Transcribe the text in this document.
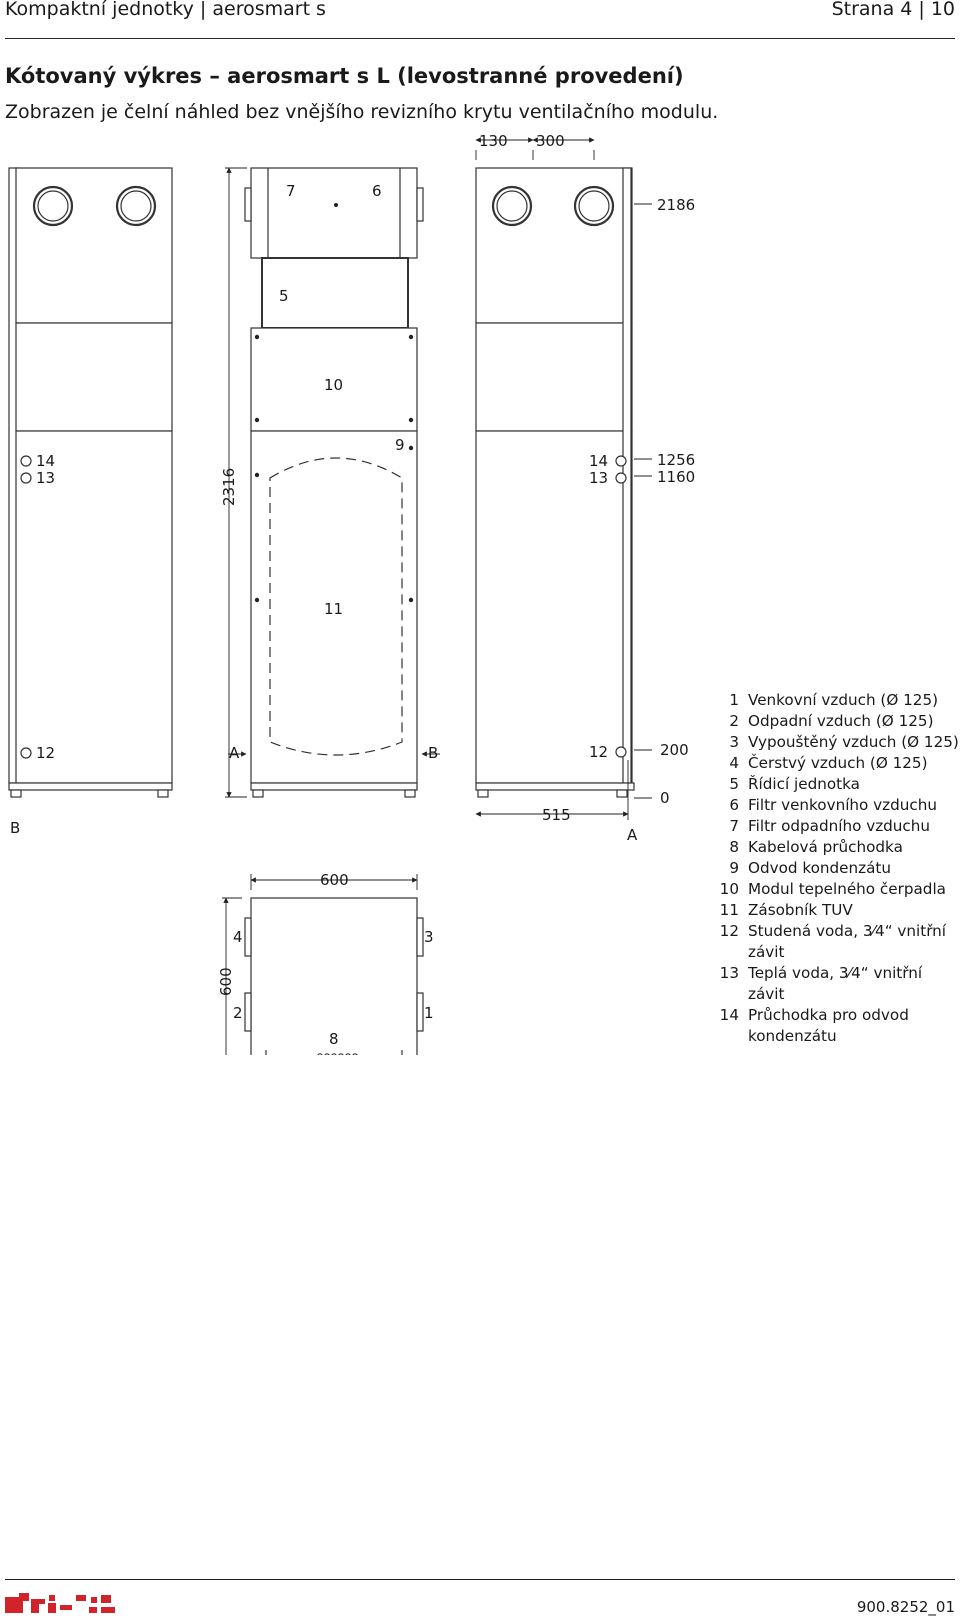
Kompaktní jednotky | aerosmart s	Strana 4 | 10
Kótovaný výkres – aerosmart s L (levostranné provedení)
Zobrazen je čelní náhled bez vnějšího revizního krytu ventilačního modulu.
130 300
2186
1256
1160
200
0
515
600
2316
600
7	6
5
10
9
11
14
13
12
14
13
12
4	3
2	1
8
A	B
B	A
1 Venkovní vzduch (Ø 125)
2 Odpadní vzduch (Ø 125)
3 Vypouštěný vzduch (Ø 125)
4 Čerstvý vzduch (Ø 125)
5 Řídicí jednotka
6 Filtr venkovního vzduchu
7 Filtr odpadního vzduchu
8 Kabelová průchodka
9 Odvod kondenzátu
10 Modul tepelného čerpadla
11 Zásobník TUV
12 Studená voda, 3⁄4“ vnitřní závit
13 Teplá voda, 3⁄4“ vnitřní závit
14 Průchodka pro odvod kondenzátu
900.8252_01
